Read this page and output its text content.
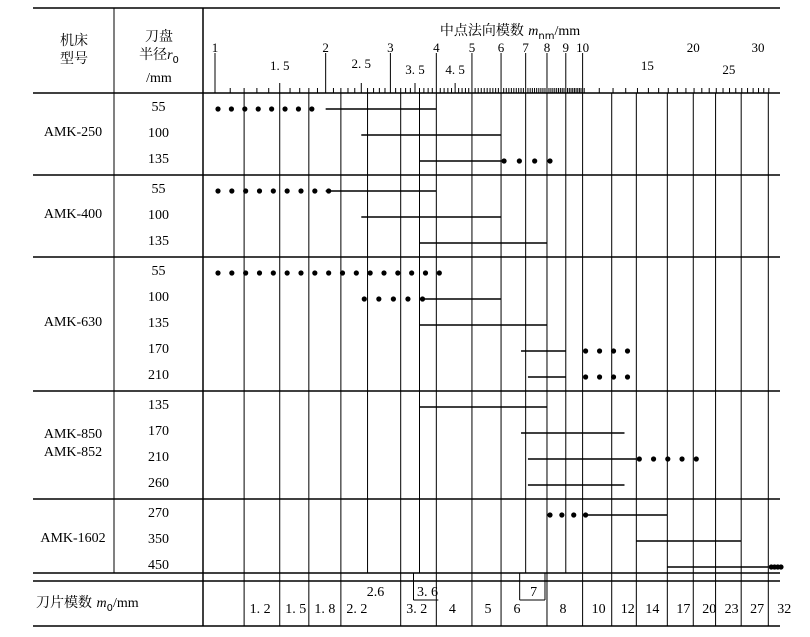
机床
型号
刀盘
半径$r_0$
/mm
中点法向模数 $m_{nm}/mm$
刀片模数 $m_0/mm$
1
1. 5
2
2. 5
3
3. 5
4
4. 5
5	6	7	8 9 10
15
20
25
30
AMK-250
55
100
135
AMK-400
55
100
135
AMK-630
55
100
135
170
210
AMK-850
AMK-852
135
170
210
260
AMK-1602
270
350
450
1. 2	1. 5 1. 8 2. 2	3. 2	4	5	6	8	10	12 14	17 20 23 27 32
2.6	3. 6	7
